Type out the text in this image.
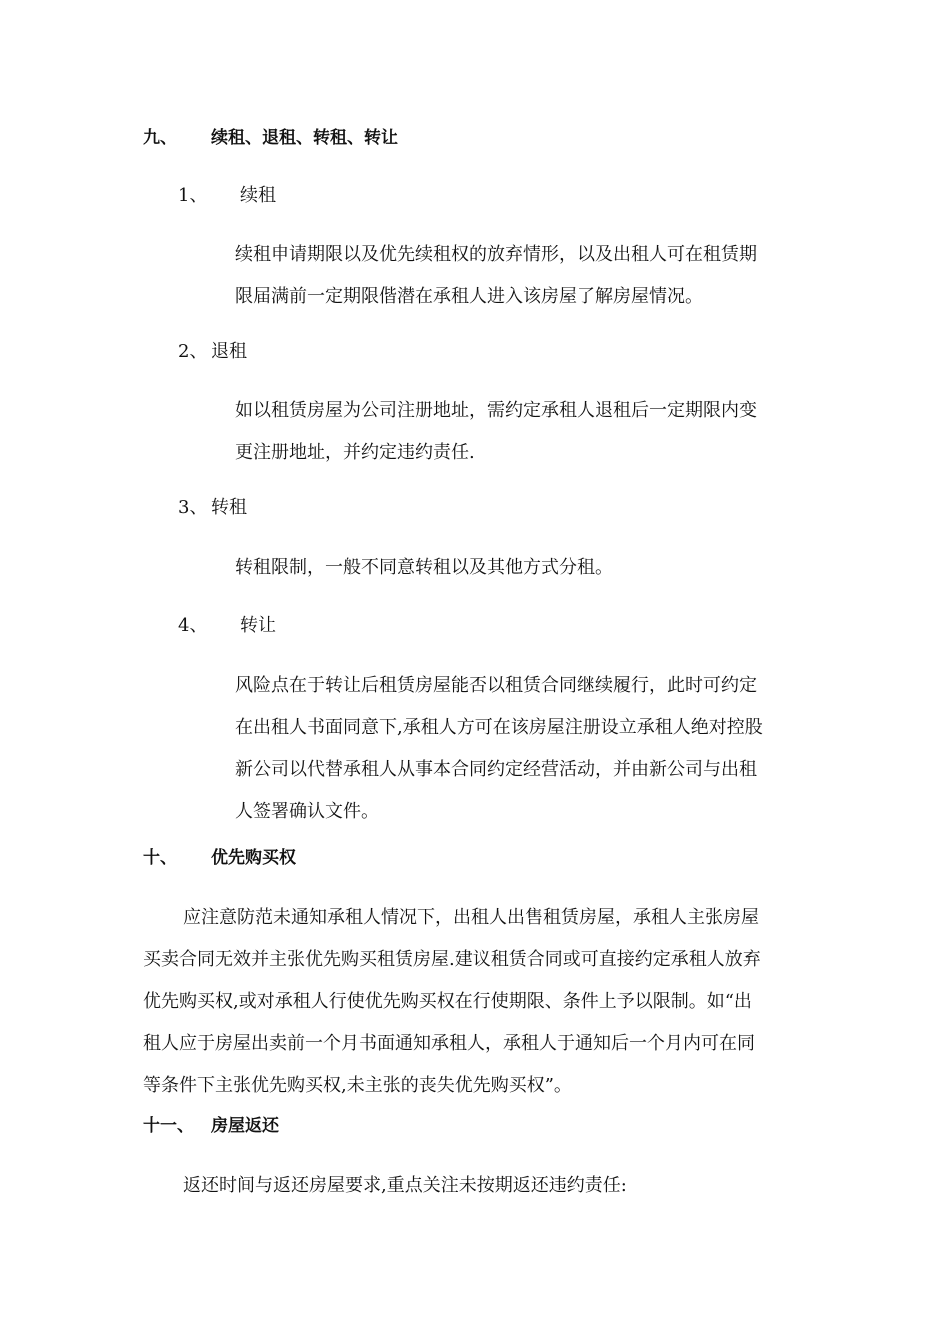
九、 续租、退租、转租、转让
1、 续租
续租申请期限以及优先续租权的放弃情形，以及出租人可在租赁期
限届满前一定期限偕潜在承租人进入该房屋了解房屋情况。
2、 退租
如以租赁房屋为公司注册地址，需约定承租人退租后一定期限内变
更注册地址，并约定违约责任.
3、 转租
转租限制，一般不同意转租以及其他方式分租。
4、 转让
风险点在于转让后租赁房屋能否以租赁合同继续履行，此时可约定
在出租人书面同意下,承租人方可在该房屋注册设立承租人绝对控股
新公司以代替承租人从事本合同约定经营活动，并由新公司与出租
人签署确认文件。
十、 优先购买权
应注意防范未通知承租人情况下，出租人出售租赁房屋，承租人主张房屋
买卖合同无效并主张优先购买租赁房屋.建议租赁合同或可直接约定承租人放弃
优先购买权,或对承租人行使优先购买权在行使期限、条件上予以限制。如“出
租人应于房屋出卖前一个月书面通知承租人，承租人于通知后一个月内可在同
等条件下主张优先购买权,未主张的丧失优先购买权”。
十一、 房屋返还
返还时间与返还房屋要求,重点关注未按期返还违约责任:
